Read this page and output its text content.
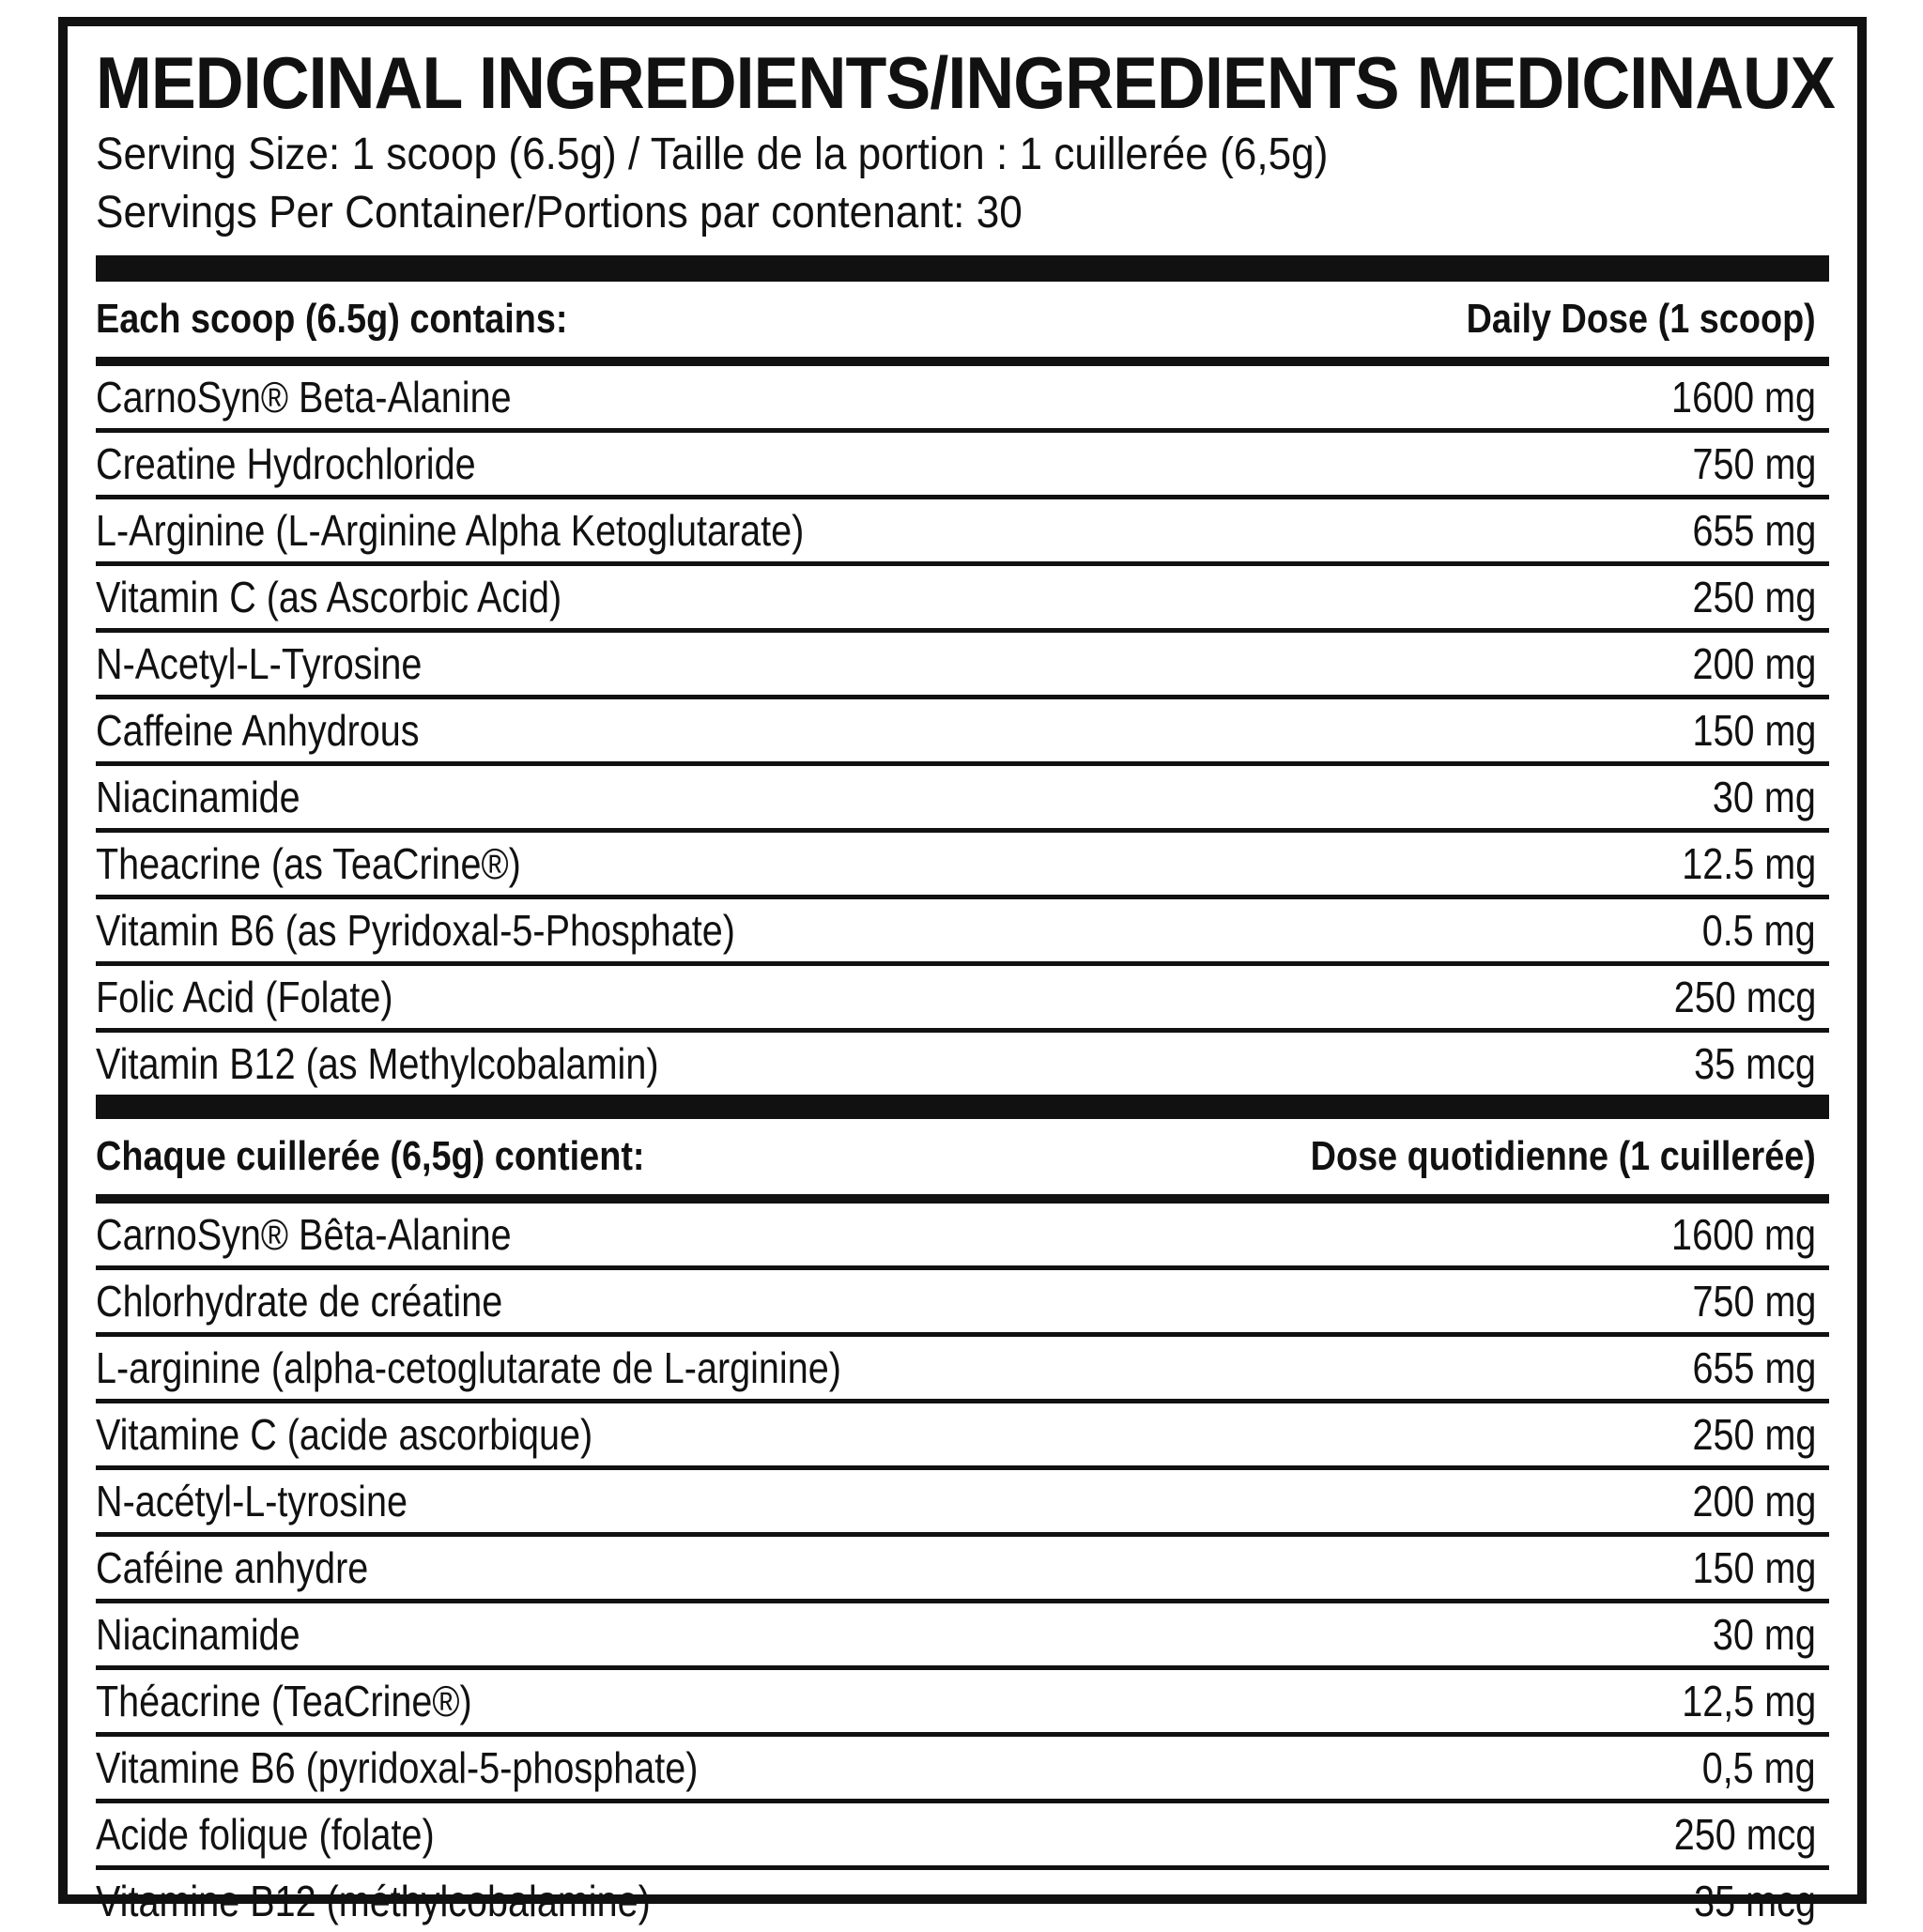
MEDICINAL INGREDIENTS/INGREDIENTS MEDICINAUX
Serving Size: 1 scoop (6.5g) / Taille de la portion : 1 cuillerée (6,5g)
Servings Per Container/Portions par contenant: 30
Each scoop (6.5g) contains:	Daily Dose (1 scoop)
CarnoSyn® Beta-Alanine	1600 mg
Creatine Hydrochloride	750 mg
L-Arginine (L-Arginine Alpha Ketoglutarate)	655 mg
Vitamin C (as Ascorbic Acid)	250 mg
N-Acetyl-L-Tyrosine	200 mg
Caffeine Anhydrous	150 mg
Niacinamide	30 mg
Theacrine (as TeaCrine®)	12.5 mg
Vitamin B6 (as Pyridoxal-5-Phosphate)	0.5 mg
Folic Acid (Folate)	250 mcg
Vitamin B12 (as Methylcobalamin)	35 mcg
Chaque cuillerée (6,5g) contient:	Dose quotidienne (1 cuillerée)
CarnoSyn® Bêta-Alanine	1600 mg
Chlorhydrate de créatine	750 mg
L-arginine (alpha-cetoglutarate de L-arginine)	655 mg
Vitamine C (acide ascorbique)	250 mg
N-acétyl-L-tyrosine	200 mg
Caféine anhydre	150 mg
Niacinamide	30 mg
Théacrine (TeaCrine®)	12,5 mg
Vitamine B6 (pyridoxal-5-phosphate)	0,5 mg
Acide folique (folate)	250 mcg
Vitamine B12 (méthylcobalamine)	35 mcg
